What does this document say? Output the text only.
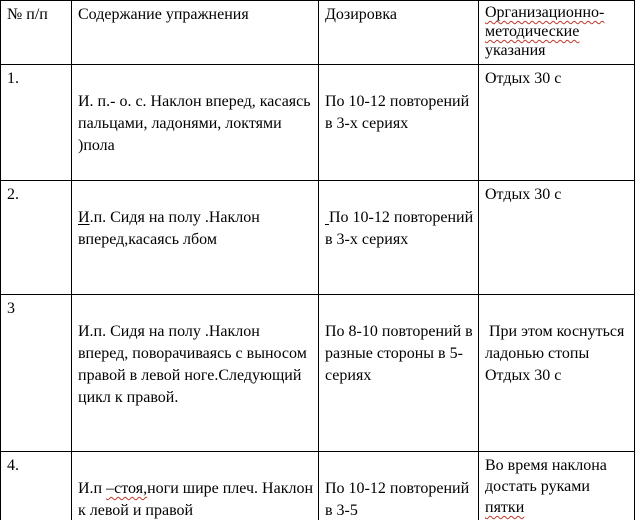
№ п/п	Содержание упражнения	Дозировка	Организационно-
методические
указания

1.	И. п.- о. с. Наклон вперед, касаясь пальцами, ладонями, локтями )пола	По 10-12 повторений в 3-х сериях	Отдых 30 с

2.	И.п. Сидя на полу .Наклон вперед,касаясь лбом	По 10-12 повторений в 3-х сериях	Отдых 30 с

3	И.п. Сидя на полу .Наклон вперед, поворачиваясь с выносом правой в левой ноге.Следующий цикл к правой.	По 8-10 повторений в разные стороны в 5- сериях	При этом коснуться ладонью стопы
Отдых 30 с

4.	И.п –стоя,ноги шире плеч. Наклон к левой и правой	По 10-12 повторений в 3-5	Во время наклона
достать руками
пятки
